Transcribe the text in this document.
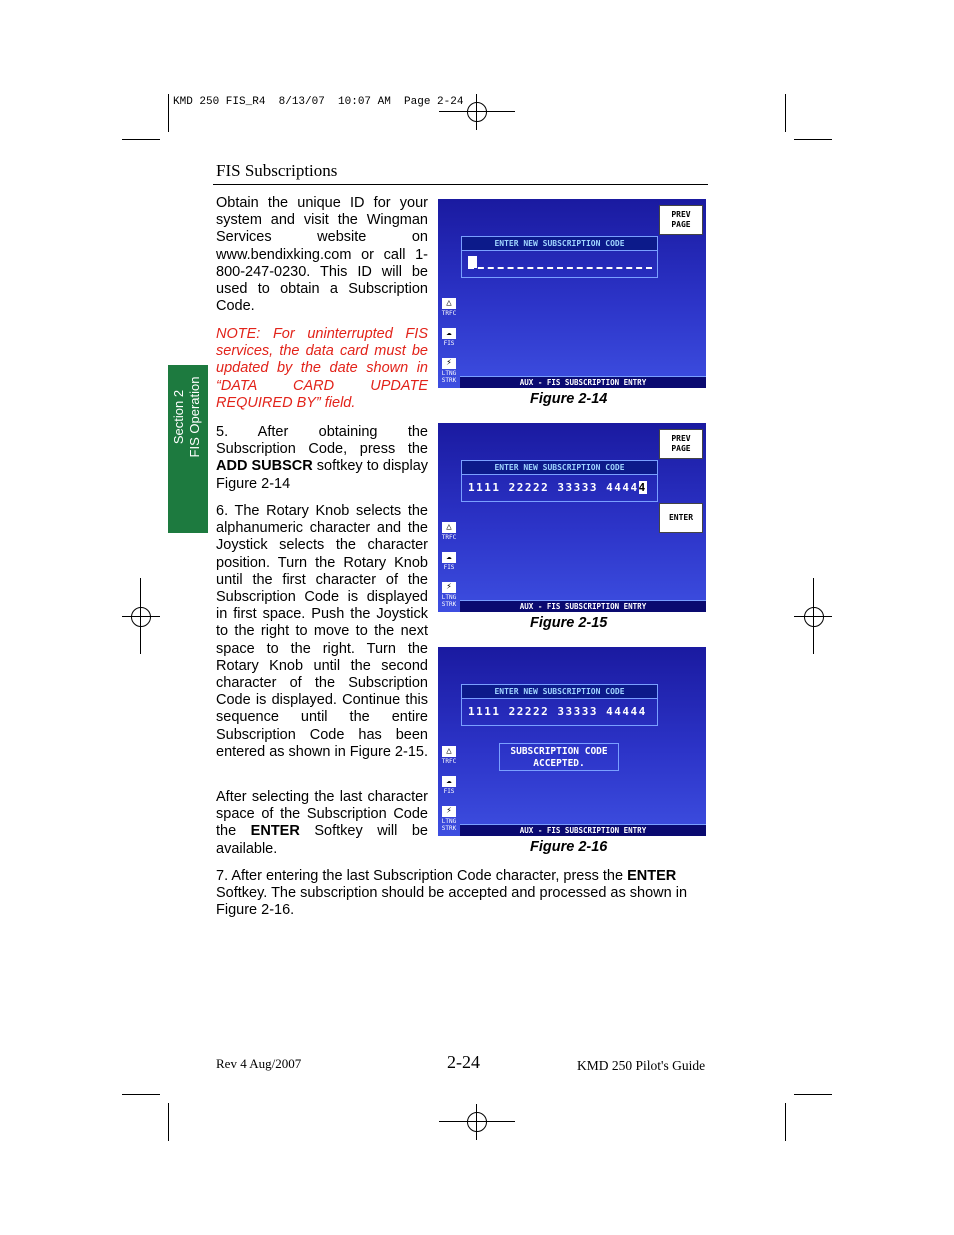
KMD 250 FIS_R4  8/13/07  10:07 AM  Page 2-24
FIS Subscriptions
Section 2 FIS Operation

Obtain the unique ID for your system and visit the Wingman Services website on www.bendixking.com or call 1-800-247-0230. This ID will be used to obtain a Subscription Code.

NOTE: For uninterrupted FIS services, the data card must be updated by the date shown in “DATA CARD UPDATE REQUIRED BY” field.

5. After obtaining the Subscription Code, press the ADD SUBSCR softkey to display Figure 2-14

6. The Rotary Knob selects the alphanumeric character and the Joystick selects the character position. Turn the Rotary Knob until the first character of the Subscription Code is displayed in first space. Push the Joystick to the right to move to the next space to the right. Turn the Rotary Knob until the second character of the Subscription Code is displayed. Continue this sequence until the entire Subscription Code has been entered as shown in Figure 2-15.

After selecting the last character space of the Subscription Code the ENTER Softkey will be available.

7. After entering the last Subscription Code character, press the ENTER Softkey. The subscription should be accepted and processed as shown in Figure 2-16.

PREV
PAGE
ENTER NEW SUBSCRIPTION CODE
△
TRFC
☁
FIS
⚡
LTNG
STRK	AUX - FIS SUBSCRIPTION ENTRY
Figure 2-14
PREV
PAGE
ENTER NEW SUBSCRIPTION CODE
1111 22222 33333 44444
ENTER
△
TRFC
☁
FIS
⚡
LTNG
STRK	AUX - FIS SUBSCRIPTION ENTRY
Figure 2-15
ENTER NEW SUBSCRIPTION CODE
1111 22222 33333 44444
SUBSCRIPTION CODE
ACCEPTED.
△
TRFC
☁
FIS
⚡
LTNG
STRK	AUX - FIS SUBSCRIPTION ENTRY
Figure 2-16
Rev 4 Aug/2007	2-24	KMD 250 Pilot's Guide
